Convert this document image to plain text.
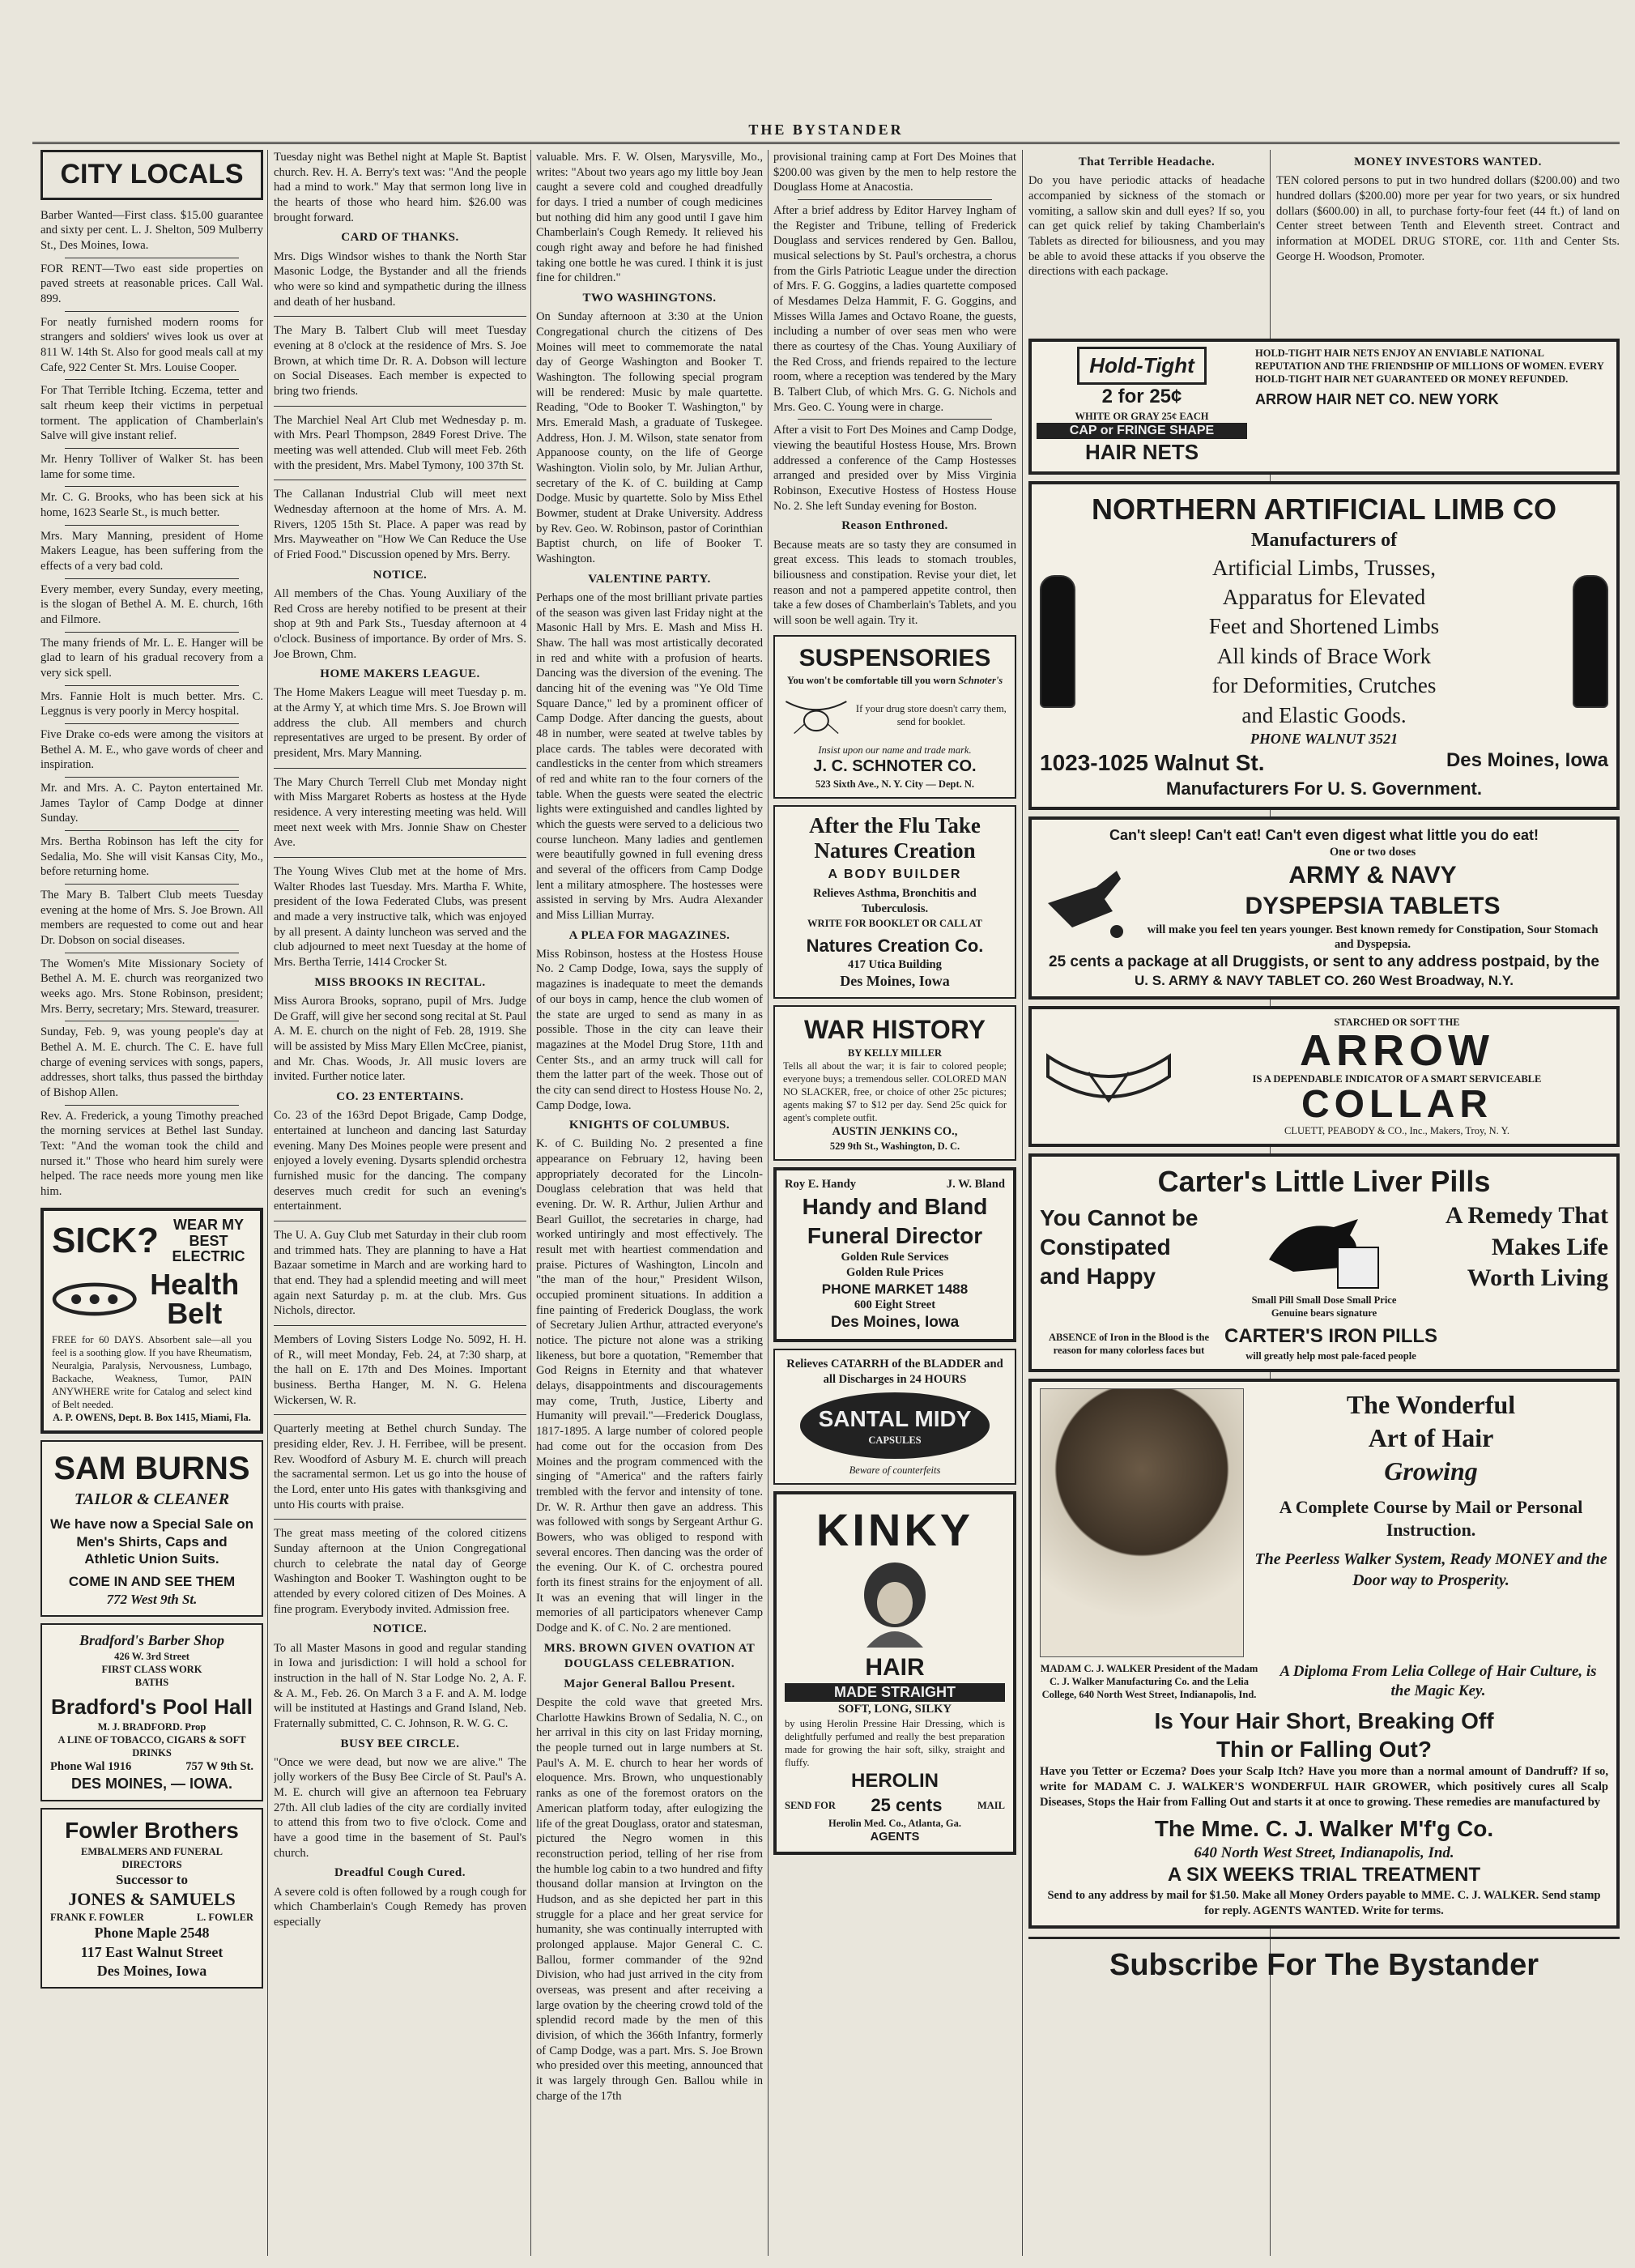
THE BYSTANDER
CITY LOCALS

Barber Wanted—First class. $15.00 guarantee and sixty per cent. L. J. Shelton, 509 Mulberry St., Des Moines, Iowa.

FOR RENT—Two east side properties on paved streets at reasonable prices. Call Wal. 899.

For neatly furnished modern rooms for strangers and soldiers' wives look us over at 811 W. 14th St. Also for good meals call at my Cafe, 922 Center St. Mrs. Louise Cooper.

For That Terrible Itching. Eczema, tetter and salt rheum keep their victims in perpetual torment. The application of Chamberlain's Salve will give instant relief.

Mr. Henry Tolliver of Walker St. has been lame for some time.

Mr. C. G. Brooks, who has been sick at his home, 1623 Searle St., is much better.

Mrs. Mary Manning, president of Home Makers League, has been suffering from the effects of a very bad cold.

Every member, every Sunday, every meeting, is the slogan of Bethel A. M. E. church, 16th and Filmore.

The many friends of Mr. L. E. Hanger will be glad to learn of his gradual recovery from a very sick spell.

Mrs. Fannie Holt is much better. Mrs. C. Leggnus is very poorly in Mercy hospital.

Five Drake co-eds were among the visitors at Bethel A. M. E., who gave words of cheer and inspiration.

Mr. and Mrs. A. C. Payton entertained Mr. James Taylor of Camp Dodge at dinner Sunday.

Mrs. Bertha Robinson has left the city for Sedalia, Mo. She will visit Kansas City, Mo., before returning home.

The Mary B. Talbert Club meets Tuesday evening at the home of Mrs. S. Joe Brown. All members are requested to come out and hear Dr. Dobson on social diseases.

The Women's Mite Missionary Society of Bethel A. M. E. church was reorganized two weeks ago. Mrs. Stone Robinson, president; Mrs. Berry, secretary; Mrs. Steward, treasurer.

Sunday, Feb. 9, was young people's day at Bethel A. M. E. church. The C. E. have full charge of evening services with songs, papers, addresses, short talks, thus passed the birthday of Bishop Allen.

Rev. A. Frederick, a young Timothy preached the morning services at Bethel last Sunday. Text: "And the woman took the child and nursed it." Those who heard him surely were helped. The race needs more young men like him.

SICK?	WEAR MY BEST ELECTRIC
Health Belt
FREE for 60 DAYS. Absorbent sale—all you feel is a soothing glow. If you have Rheumatism, Neuralgia, Paralysis, Nervousness, Lumbago, Backache, Weakness, Tumor, PAIN ANYWHERE write for Catalog and select kind of Belt needed.
A. P. OWENS, Dept. B. Box 1415, Miami, Fla.
SAM BURNS
TAILOR & CLEANER
We have now a Special Sale on Men's Shirts, Caps and Athletic Union Suits.
COME IN AND SEE THEM
772 West 9th St.
Bradford's Barber Shop
426 W. 3rd Street
FIRST CLASS WORK
BATHS
Bradford's Pool Hall
M. J. BRADFORD. Prop
A LINE OF TOBACCO, CIGARS & SOFT DRINKS
Phone Wal 1916	757 W 9th St.
DES MOINES, — IOWA.
Fowler Brothers
EMBALMERS AND FUNERAL DIRECTORS
Successor to
JONES & SAMUELS
FRANK F. FOWLER	L. FOWLER
Phone Maple 2548
117 East Walnut Street
Des Moines, Iowa

Tuesday night was Bethel night at Maple St. Baptist church. Rev. H. A. Berry's text was: "And the people had a mind to work." May that sermon long live in the hearts of those who heard him. $26.00 was brought forward.

CARD OF THANKS.

Mrs. Digs Windsor wishes to thank the North Star Masonic Lodge, the Bystander and all the friends who were so kind and sympathetic during the illness and death of her husband.

The Mary B. Talbert Club will meet Tuesday evening at 8 o'clock at the residence of Mrs. S. Joe Brown, at which time Dr. R. A. Dobson will lecture on Social Diseases. Each member is expected to bring two friends.

The Marchiel Neal Art Club met Wednesday p. m. with Mrs. Pearl Thompson, 2849 Forest Drive. The meeting was well attended. Club will meet Feb. 26th with the president, Mrs. Mabel Tymony, 100 37th St.

The Callanan Industrial Club will meet next Wednesday afternoon at the home of Mrs. A. M. Rivers, 1205 15th St. Place. A paper was read by Mrs. Mayweather on "How We Can Reduce the Use of Fried Food." Discussion opened by Mrs. Berry.

NOTICE.

All members of the Chas. Young Auxiliary of the Red Cross are hereby notified to be present at their shop at 9th and Park Sts., Tuesday afternoon at 4 o'clock. Business of importance. By order of Mrs. S. Joe Brown, Chm.

HOME MAKERS LEAGUE.

The Home Makers League will meet Tuesday p. m. at the Army Y, at which time Mrs. S. Joe Brown will address the club. All members and church representatives are urged to be present. By order of president, Mrs. Mary Manning.

The Mary Church Terrell Club met Monday night with Miss Margaret Roberts as hostess at the Hyde residence. A very interesting meeting was held. Will meet next week with Mrs. Jonnie Shaw on Chester Ave.

The Young Wives Club met at the home of Mrs. Walter Rhodes last Tuesday. Mrs. Martha F. White, president of the Iowa Federated Clubs, was present and made a very instructive talk, which was enjoyed by all present. A dainty luncheon was served and the club adjourned to meet next Tuesday at the home of Mrs. Bertha Terrie, 1414 Crocker St.

MISS BROOKS IN RECITAL.

Miss Aurora Brooks, soprano, pupil of Mrs. Judge De Graff, will give her second song recital at St. Paul A. M. E. church on the night of Feb. 28, 1919. She will be assisted by Miss Mary Ellen McCree, pianist, and Mr. Chas. Woods, Jr. All music lovers are invited. Further notice later.

CO. 23 ENTERTAINS.

Co. 23 of the 163rd Depot Brigade, Camp Dodge, entertained at luncheon and dancing last Saturday evening. Many Des Moines people were present and enjoyed a lovely evening. Dysarts splendid orchestra furnished music for the dancing. The company deserves much credit for such an evening's entertainment.

The U. A. Guy Club met Saturday in their club room and trimmed hats. They are planning to have a Hat Bazaar sometime in March and are working hard to that end. They had a splendid meeting and will meet again next Saturday p. m. at the club. Mrs. Gus Nichols, director.

Members of Loving Sisters Lodge No. 5092, H. H. of R., will meet Monday, Feb. 24, at 7:30 sharp, at the hall on E. 17th and Des Moines. Important business. Bertha Hanger, M. N. G. Helena Wickersen, W. R.

Quarterly meeting at Bethel church Sunday. The presiding elder, Rev. J. H. Ferribee, will be present. Rev. Woodford of Asbury M. E. church will preach the sacramental sermon. Let us go into the house of the Lord, enter unto His gates with thanksgiving and unto His courts with praise.

The great mass meeting of the colored citizens Sunday afternoon at the Union Congregational church to celebrate the natal day of George Washington and Booker T. Washington ought to be attended by every colored citizen of Des Moines. A fine program. Everybody invited. Admission free.

NOTICE.

To all Master Masons in good and regular standing in Iowa and jurisdiction: I will hold a school for instruction in the hall of N. Star Lodge No. 2, A. F. & A. M., Feb. 26. On March 3 a F. and A. M. lodge will be instituted at Hastings and Grand Island, Neb. Fraternally submitted, C. C. Johnson, R. W. G. C.

BUSY BEE CIRCLE.

"Once we were dead, but now we are alive." The jolly workers of the Busy Bee Circle of St. Paul's A. M. E. church will give an afternoon tea February 27th. All club ladies of the city are cordially invited to attend this from two to five o'clock. Come and have a good time in the basement of St. Paul's church.

Dreadful Cough Cured.

A severe cold is often followed by a rough cough for which Chamberlain's Cough Remedy has proven especially

valuable. Mrs. F. W. Olsen, Marysville, Mo., writes: "About two years ago my little boy Jean caught a severe cold and coughed dreadfully for days. I tried a number of cough medicines but nothing did him any good until I gave him Chamberlain's Cough Remedy. It relieved his cough right away and before he had finished taking one bottle he was cured. I think it is just fine for children."

TWO WASHINGTONS.

On Sunday afternoon at 3:30 at the Union Congregational church the citizens of Des Moines will meet to commemorate the natal day of George Washington and Booker T. Washington. The following special program will be rendered: Music by male quartette. Reading, "Ode to Booker T. Washington," by Mrs. Emerald Mash, a graduate of Tuskegee. Address, Hon. J. M. Wilson, state senator from Appanoose county, on the life of George Washington. Violin solo, by Mr. Julian Arthur, secretary of the K. of C. building at Camp Dodge. Music by quartette. Solo by Miss Ethel Bowmer, student at Drake University. Address by Rev. Geo. W. Robinson, pastor of Corinthian Baptist church, on life of Booker T. Washington.

VALENTINE PARTY.

Perhaps one of the most brilliant private parties of the season was given last Friday night at the Masonic Hall by Mrs. E. Mash and Miss H. Shaw. The hall was most artistically decorated in red and white with a profusion of hearts. Dancing was the diversion of the evening. The dancing hit of the evening was "Ye Old Time Square Dance," led by a prominent officer of Camp Dodge. After dancing the guests, about 48 in number, were seated at twelve tables by place cards. The tables were decorated with candlesticks in the center from which streamers of red and white ran to the four corners of the table. When the guests were seated the electric lights were extinguished and candles lighted by which the guests were served to a delicious two course luncheon. Many ladies and gentlemen were beautifully gowned in full evening dress and several of the officers from Camp Dodge lent a military atmosphere. The hostesses were assisted in serving by Mrs. Audra Alexander and Miss Lillian Murray.

A PLEA FOR MAGAZINES.

Miss Robinson, hostess at the Hostess House No. 2 Camp Dodge, Iowa, says the supply of magazines is inadequate to meet the demands of our boys in camp, hence the club women of the state are urged to send as many in as possible. Those in the city can leave their magazines at the Model Drug Store, 11th and Center Sts., and an army truck will call for them the latter part of the week. Those out of the city can send direct to Hostess House No. 2, Camp Dodge, Iowa.

KNIGHTS OF COLUMBUS.

K. of C. Building No. 2 presented a fine appearance on February 12, having been appropriately decorated for the Lincoln-Douglass celebration that was held that evening. Dr. W. R. Arthur, Julien Arthur and Bearl Guillot, the secretaries in charge, had worked untiringly and most effectively. The result met with heartiest commendation and praise. Pictures of Washington, Lincoln and "the man of the hour," President Wilson, occupied prominent situations. In addition a fine painting of Frederick Douglass, the work of Secretary Julien Arthur, attracted everyone's notice. The picture not alone was a striking likeness, but bore a quotation, "Remember that God Reigns in Eternity and that whatever delays, disappointments and discouragements may come, Truth, Justice, Liberty and Humanity will prevail."—Frederick Douglass, 1817-1895. A large number of colored people had come out for the occasion from Des Moines and the program commenced with the singing of "America" and the rafters fairly trembled with the fervor and intensity of tone. Dr. W. R. Arthur then gave an address. This was followed with songs by Sergeant Arthur G. Bowers, who was obliged to respond with several encores. Then dancing was the order of the evening. Our K. of C. orchestra poured forth its finest strains for the enjoyment of all. It was an evening that will linger in the memories of all participators whenever Camp Dodge and K. of C. No. 2 are mentioned.

MRS. BROWN GIVEN OVATION AT DOUGLASS CELEBRATION.
Major General Ballou Present.

Despite the cold wave that greeted Mrs. Charlotte Hawkins Brown of Sedalia, N. C., on her arrival in this city on last Friday morning, the people turned out in large numbers at St. Paul's A. M. E. church to hear her words of eloquence. Mrs. Brown, who unquestionably ranks as one of the foremost orators on the American platform today, after eulogizing the life of the great Douglass, orator and statesman, pictured the Negro women in this reconstruction period, telling of her rise from the humble log cabin to a two hundred and fifty thousand dollar mansion at Irvington on the Hudson, and as she depicted her part in this struggle for a place and her great service for humanity, she was continually interrupted with prolonged applause. Major General C. C. Ballou, former commander of the 92nd Division, who had just arrived in the city from overseas, was present and after receiving a large ovation by the cheering crowd told of the splendid record made by the men of this division, of which the 366th Infantry, formerly of Camp Dodge, was a part. Mrs. S. Joe Brown who presided over this meeting, announced that it was largely through Gen. Ballou while in charge of the 17th

provisional training camp at Fort Des Moines that $200.00 was given by the men to help restore the Douglass Home at Anacostia.

After a brief address by Editor Harvey Ingham of the Register and Tribune, telling of Frederick Douglass and services rendered by Gen. Ballou, musical selections by St. Paul's orchestra, a chorus from the Girls Patriotic League under the direction of Mrs. F. G. Goggins, a ladies quartette composed of Mesdames Delza Hammit, F. G. Goggins, and Misses Willa James and Octavo Roane, the guests, including a number of over seas men who were there as courtesy of the Chas. Young Auxiliary of the Red Cross, and friends repaired to the lecture room, where a reception was tendered by the Mary B. Talbert Club, of which Mrs. G. G. Nichols and Mrs. Geo. C. Young were in charge.

After a visit to Fort Des Moines and Camp Dodge, viewing the beautiful Hostess House, Mrs. Brown addressed a conference of the Camp Hostesses arranged and presided over by Miss Virginia Robinson, Executive Hostess of Hostess House No. 2. She left Sunday evening for Boston.

Reason Enthroned.

Because meats are so tasty they are consumed in great excess. This leads to stomach troubles, biliousness and constipation. Revise your diet, let reason and not a pampered appetite control, then take a few doses of Chamberlain's Tablets, and you will soon be well again. Try it.

SUSPENSORIES
You won't be comfortable till you worn Schnoter's
If your drug store doesn't carry them, send for booklet.
Insist upon our name and trade mark.
J. C. SCHNOTER CO.
523 Sixth Ave., N. Y. City — Dept. N.
After the Flu Take Natures Creation
A BODY BUILDER
Relieves Asthma, Bronchitis and Tuberculosis.
WRITE FOR BOOKLET OR CALL AT
Natures Creation Co.
417 Utica Building
Des Moines, Iowa
WAR HISTORY
BY KELLY MILLER
Tells all about the war; it is fair to colored people; everyone buys; a tremendous seller. COLORED MAN NO SLACKER, free, or choice of other 25c pictures; agents making $7 to $12 per day. Send 25c quick for agent's complete outfit.
AUSTIN JENKINS CO.,
529 9th St., Washington, D. C.
Roy E. Handy	J. W. Bland
Handy and Bland
Funeral Director
Golden Rule Services
Golden Rule Prices
PHONE MARKET 1488
600 Eight Street
Des Moines, Iowa
Relieves CATARRH of the BLADDER and all Discharges in 24 HOURS
SANTAL MIDY
CAPSULES
Beware of counterfeits
KINKY
HAIR
MADE STRAIGHT
SOFT, LONG, SILKY
by using Herolin Pressine Hair Dressing, which is delightfully perfumed and really the best preparation made for growing the hair soft, silky, straight and fluffy.
HEROLIN
SEND FOR 25 cents	MAIL
Herolin Med. Co., Atlanta, Ga.
AGENTS
That Terrible Headache.

Do you have periodic attacks of headache accompanied by sickness of the stomach or vomiting, a sallow skin and dull eyes? If so, you can get quick relief by taking Chamberlain's Tablets as directed for biliousness, and you may be able to avoid these attacks if you observe the directions with each package.

MONEY INVESTORS WANTED.

TEN colored persons to put in two hundred dollars ($200.00) and two hundred dollars ($200.00) more per year for two years, or six hundred dollars ($600.00) in all, to purchase forty-four feet (44 ft.) of land on Center street between Tenth and Eleventh street. Contract and information at MODEL DRUG STORE, cor. 11th and Center Sts. George H. Woodson, Promoter.

Hold-Tight
2 for 25¢
WHITE OR GRAY 25¢ EACH
CAP or FRINGE SHAPE
HAIR NETS
HOLD-TIGHT HAIR NETS ENJOY AN ENVIABLE NATIONAL REPUTATION AND THE FRIENDSHIP OF MILLIONS OF WOMEN. EVERY HOLD-TIGHT HAIR NET GUARANTEED OR MONEY REFUNDED.
ARROW HAIR NET CO. NEW YORK
NORTHERN ARTIFICIAL LIMB CO
Manufacturers of
Artificial Limbs, Trusses,
Apparatus for Elevated
Feet and Shortened Limbs
All kinds of Brace Work
for Deformities, Crutches
and Elastic Goods.
PHONE WALNUT 3521
1023-1025 Walnut St.	Des Moines, Iowa
Manufacturers For U. S. Government.
Can't sleep! Can't eat! Can't even digest what little you do eat!
One or two doses
ARMY & NAVY
DYSPEPSIA TABLETS
will make you feel ten years younger. Best known remedy for Constipation, Sour Stomach and Dyspepsia.
25 cents a package at all Druggists, or sent to any address postpaid, by the
U. S. ARMY & NAVY TABLET CO. 260 West Broadway, N.Y.
STARCHED OR SOFT THE
ARROW
IS A DEPENDABLE INDICATOR OF A SMART SERVICEABLE
COLLAR
CLUETT, PEABODY & CO., Inc., Makers, Troy, N. Y.
Carter's Little Liver Pills
You Cannot be
Constipated
and Happy
A Remedy That
Makes Life
Worth Living
Small Pill Small Dose Small Price
Genuine bears signature
ABSENCE of Iron in the Blood is the reason for many colorless faces but
CARTER'S IRON PILLS
will greatly help most pale-faced people
The Wonderful
Art of Hair
Growing
A Complete Course by Mail or Personal Instruction.
The Peerless Walker System, Ready MONEY and the Door way to Prosperity.
MADAM C. J. WALKER President of the Madam C. J. Walker Manufacturing Co. and the Lelia College, 640 North West Street, Indianapolis, Ind.
A Diploma From Lelia College of Hair Culture, is the Magic Key.
Is Your Hair Short, Breaking Off
Thin or Falling Out?
Have you Tetter or Eczema? Does your Scalp Itch? Have you more than a normal amount of Dandruff? If so, write for MADAM C. J. WALKER'S WONDERFUL HAIR GROWER, which positively cures all Scalp Diseases, Stops the Hair from Falling Out and starts it at once to growing. These remedies are manufactured by
The Mme. C. J. Walker M'f'g Co.
640 North West Street, Indianapolis, Ind.
A SIX WEEKS TRIAL TREATMENT
Send to any address by mail for $1.50. Make all Money Orders payable to MME. C. J. WALKER. Send stamp for reply. AGENTS WANTED. Write for terms.
Subscribe For The Bystander
